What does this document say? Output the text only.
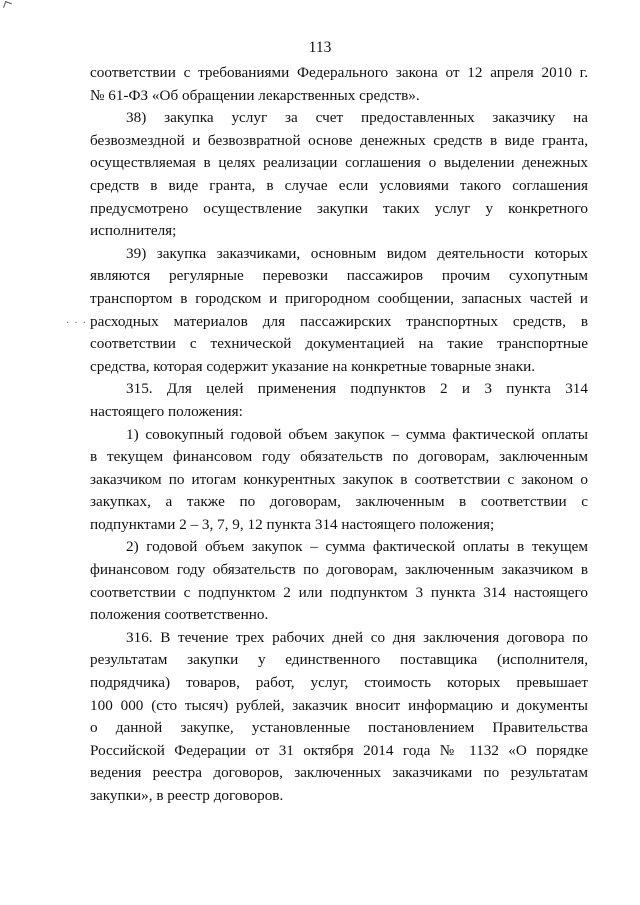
· · ·
113
соответствии с требованиями Федерального закона от 12 апреля 2010 г.
№ 61-ФЗ «Об обращении лекарственных средств».
38) закупка услуг за счет предоставленных заказчику на
безвозмездной и безвозвратной основе денежных средств в виде гранта,
осуществляемая в целях реализации соглашения о выделении денежных
средств в виде гранта, в случае если условиями такого соглашения
предусмотрено осуществление закупки таких услуг у конкретного
исполнителя;
39) закупка заказчиками, основным видом деятельности которых
являются регулярные перевозки пассажиров прочим сухопутным
транспортом в городском и пригородном сообщении, запасных частей и
расходных материалов для пассажирских транспортных средств, в
соответствии с технической документацией на такие транспортные
средства, которая содержит указание на конкретные товарные знаки.
315. Для целей применения подпунктов 2 и 3 пункта 314
настоящего положения:
1) совокупный годовой объем закупок – сумма фактической оплаты
в текущем финансовом году обязательств по договорам, заключенным
заказчиком по итогам конкурентных закупок в соответствии с законом о
закупках, а также по договорам, заключенным в соответствии с
подпунктами 2 – 3, 7, 9, 12 пункта 314 настоящего положения;
2) годовой объем закупок – сумма фактической оплаты в текущем
финансовом году обязательств по договорам, заключенным заказчиком в
соответствии с подпунктом 2 или подпунктом 3 пункта 314 настоящего
положения соответственно.
316. В течение трех рабочих дней со дня заключения договора по
результатам закупки у единственного поставщика (исполнителя,
подрядчика) товаров, работ, услуг, стоимость которых превышает
100 000 (сто тысяч) рублей, заказчик вносит информацию и документы
о данной закупке, установленные постановлением Правительства
Российской Федерации от 31 октября 2014 года № 1132 «О порядке
ведения реестра договоров, заключенных заказчиками по результатам
закупки», в реестр договоров.
